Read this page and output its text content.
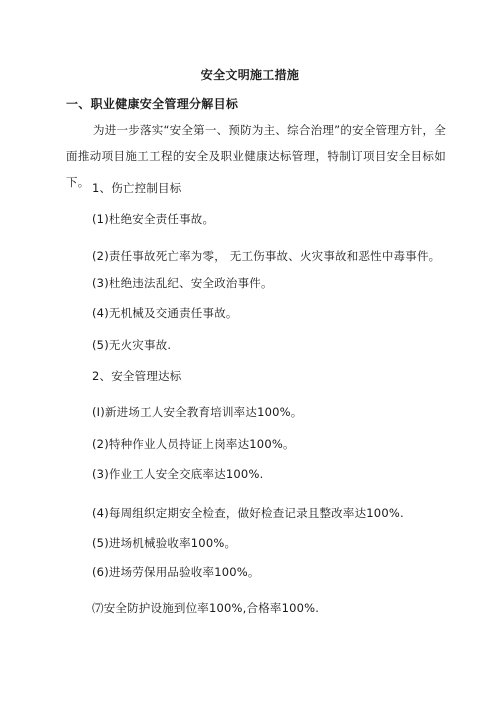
安全文明施工措施
一、职业健康安全管理分解目标
为进一步落实“安全第一、预防为主、综合治理”的安全管理方针，全面推动项目施工工程的安全及职业健康达标管理，特制订项目安全目标如下。 1、伤亡控制目标
(1)杜绝安全责任事故。
(2)责任事故死亡率为零， 无工伤事故、火灾事故和恶性中毒事件。
(3)杜绝违法乱纪、安全政治事件。
(4)无机械及交通责任事故。
(5)无火灾事故.
2、安全管理达标
(I)新进场工人安全教育培训率达100%。
(2)特种作业人员持证上岗率达100%。
(3)作业工人安全交底率达100%.
(4)每周组织定期安全检查，做好检查记录且整改率达100%.
(5)进场机械验收率100%。
(6)进场劳保用品验收率100%。
⑺安全防护设施到位率100%,合格率100%.
